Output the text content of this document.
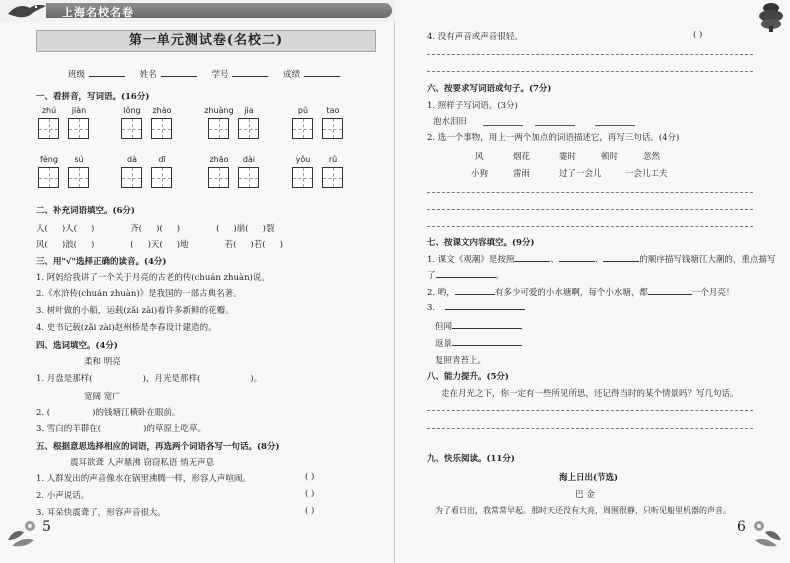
上海名校名卷
第一单元测试卷(名校二)
班级	姓名	学号	成绩
一、看拼音，写词语。(16分)
zhú	jiàn	lǒng zhào	zhuàng	jìa	pǔ	tao
fèng	sú	dà	dī	zhāo	dài	yǒu	rǔ
二、补充词语填空。(6分)
人( )人( )	齐( )( )	( )崩( )裂
风( )浪( )	( )天( )地	若( )若( )
三、用"√"选择正确的读音。(4分)
1. 阿妈给我讲了一个关于月亮的古老的传(chuán zhuàn)说。
2.《水浒传(chuán zhuàn)》是我国的一部古典名著。
3. 树叶做的小船，运载(zǎi zài)着许多新鲜的花瓣。
4. 史书记载(zǎi zài)赵州桥是李春设计建造的。
四、选词填空。(4分)
柔和 明亮
1. 月盘是那样(	)，月光是那样(	)。
宽阔 宽广
2. (	)的钱塘江横卧在眼前。
3. 雪白的羊群在(	)的草原上吃草。
五、根据意思选择相应的词语，再选两个词语各写一句话。(8分)
震耳欲聋 人声鼎沸 窃窃私语 悄无声息
1. 人群发出的声音像水在锅里沸腾一样，形容人声喧闹。	( )
2. 小声说话。	( )
3. 耳朵快震聋了，形容声音很大。	( )
5
4. 没有声音或声音很轻。	( )
六、按要求写词语或句子。(7分)
1. 照样子写词语。(3分)
泡水泪旧
2. 选一个事物，用上一两个加点的词语描述它，再写三句话。(4分)
风	烟花	霎时	顿时	忽然
小狗	雷雨	过了一会儿	一会儿工夫
七、按课文内容填空。(9分)
1. 课文《观潮》是按照	、	、	的顺序描写钱塘江大潮的，重点描写
了	。
2. 哟，	有多少可爱的小水塘啊，每个小水塘，都	一个月亮！
3.
但闻
返景
复照青苔上。
八、能力提升。(5分)
走在月光之下，你一定有一些所见所思，还记得当时的某个情景吗？写几句话。
九、快乐阅读。(11分)
海上日出(节选)
巴 金
为了看日出，我常常早起。那时天还没有大亮，周围很静，只听见船里机器的声音。
6
